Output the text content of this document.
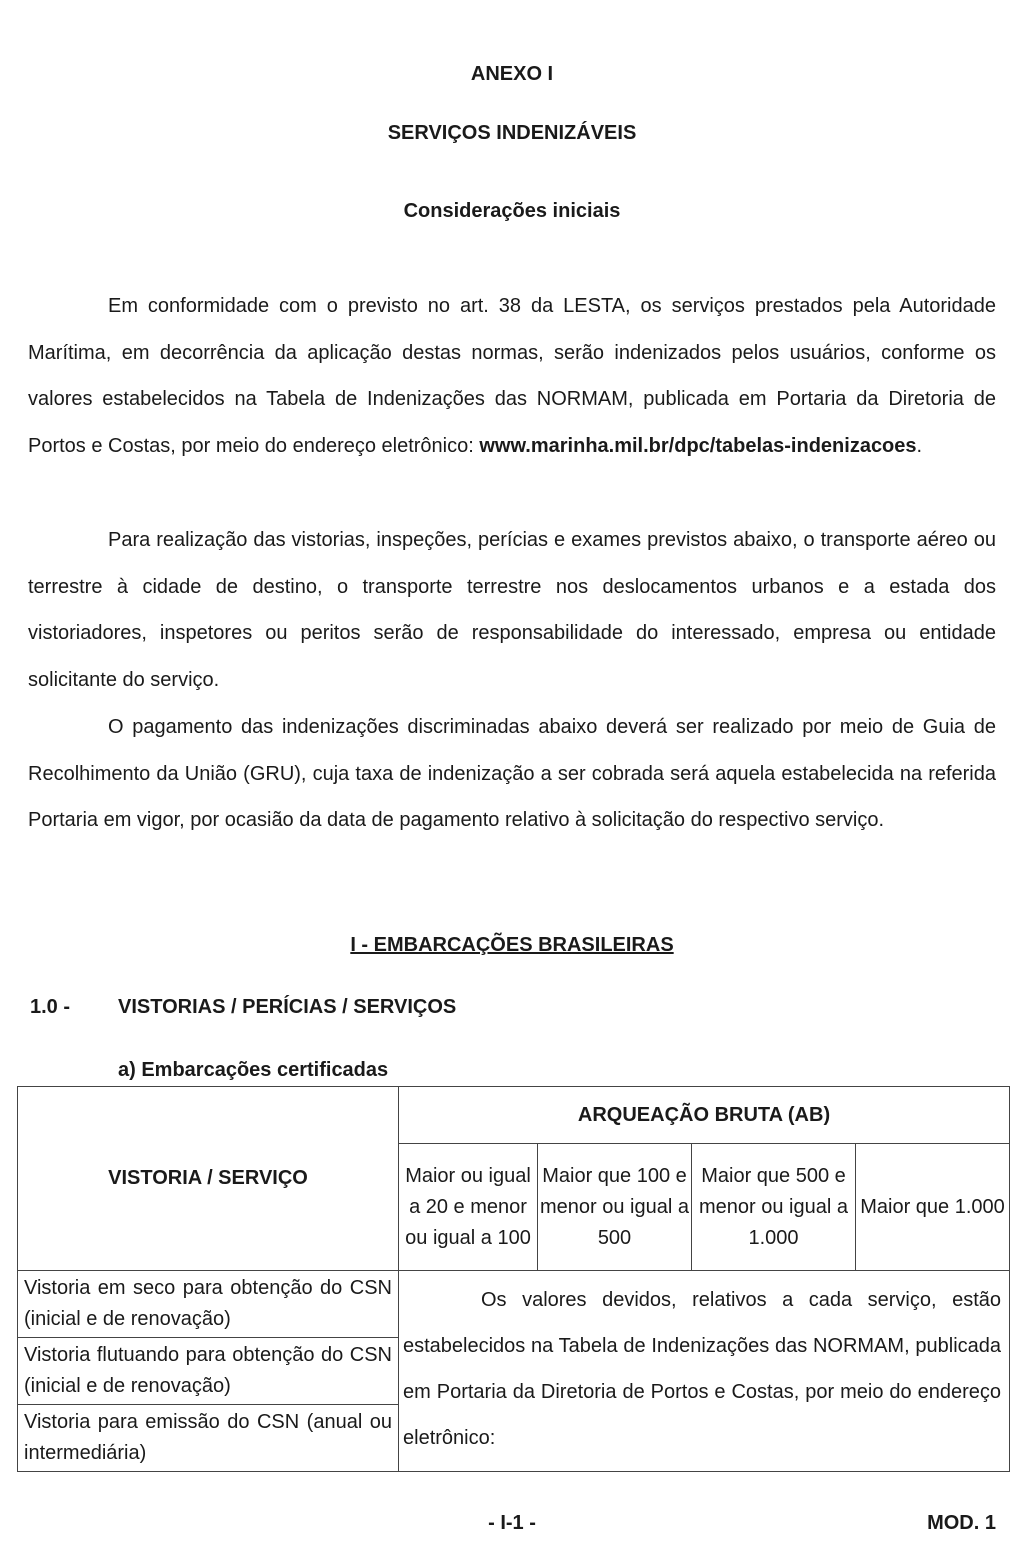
ANEXO I
SERVIÇOS INDENIZÁVEIS
Considerações iniciais

Em conformidade com o previsto no art. 38 da LESTA, os serviços prestados pela Autoridade Marítima, em decorrência da aplicação destas normas, serão indenizados pelos usuários, conforme os valores estabelecidos na Tabela de Indenizações das NORMAM, publicada em Portaria da Diretoria de Portos e Costas, por meio do endereço eletrônico: www.marinha.mil.br/dpc/tabelas-indenizacoes.

Para realização das vistorias, inspeções, perícias e exames previstos abaixo, o transporte aéreo ou terrestre à cidade de destino, o transporte terrestre nos deslocamentos urbanos e a estada dos vistoriadores, inspetores ou peritos serão de responsabilidade do interessado, empresa ou entidade solicitante do serviço.

O pagamento das indenizações discriminadas abaixo deverá ser realizado por meio de Guia de Recolhimento da União (GRU), cuja taxa de indenização a ser cobrada será aquela estabelecida na referida Portaria em vigor, por ocasião da data de pagamento relativo à solicitação do respectivo serviço.

I - EMBARCAÇÕES BRASILEIRAS
1.0 - VISTORIAS / PERÍCIAS / SERVIÇOS
a) Embarcações certificadas
VISTORIA / SERVIÇO	ARQUEAÇÃO BRUTA (AB)			
	Maior ou igual a 20 e menor ou igual a 100	Maior que 100 e menor ou igual a 500	Maior que 500 e menor ou igual a 1.000	Maior que 1.000
Vistoria em seco para obtenção do CSN (inicial e de renovação)	Os valores devidos, relativos a cada serviço, estão estabelecidos na Tabela de Indenizações das NORMAM, publicada em Portaria da Diretoria de Portos e Costas, por meio do endereço eletrônico:			
Vistoria flutuando para obtenção do CSN (inicial e de renovação)				
Vistoria para emissão do CSN (anual ou intermediária)				
- I-1 -	MOD. 1
